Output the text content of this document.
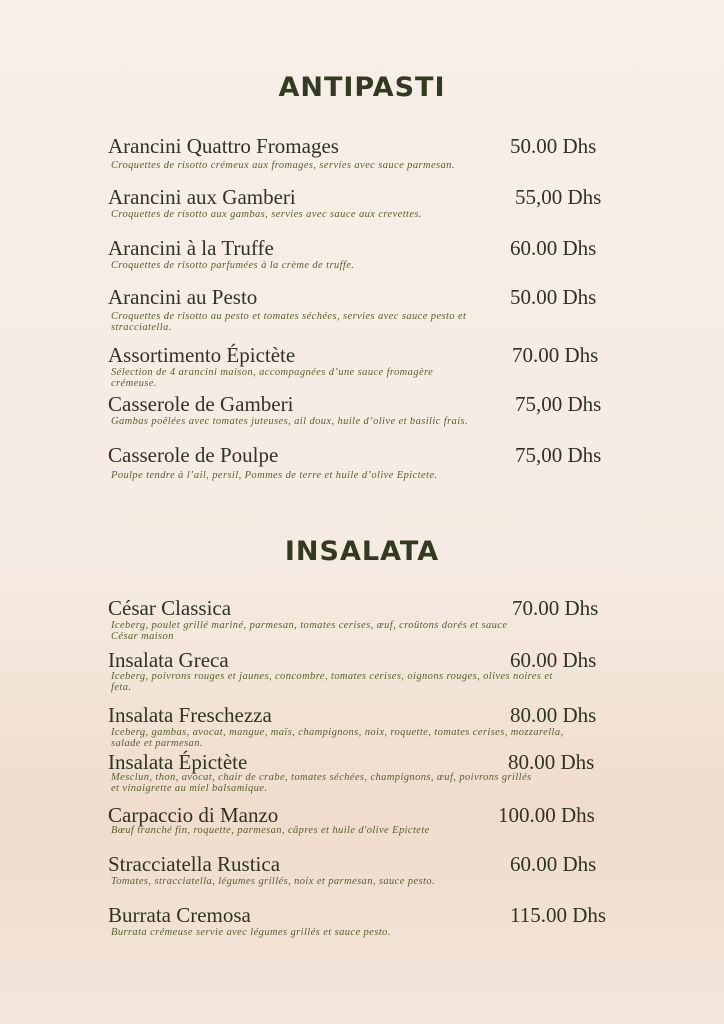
ANTIPASTI
Arancini Quattro Fromages	50.00 Dhs
Croquettes de risotto crémeux aux fromages, servies avec sauce parmesan.
Arancini aux Gamberi	55,00 Dhs
Croquettes de risotto aux gambas, servies avec sauce aux crevettes.
Arancini à la Truffe	60.00 Dhs
Croquettes de risotto parfumées à la crème de truffe.
Arancini au Pesto	50.00 Dhs
Croquettes de risotto au pesto et tomates séchées, servies avec sauce pesto et stracciatella.
Assortimento Épictète	70.00 Dhs
Sélection de 4 arancini maison, accompagnées d’une sauce fromagère crémeuse.
Casserole de Gamberi	75,00 Dhs
Gambas poêlées avec tomates juteuses, ail doux, huile d’olive et basilic frais.
Casserole de Poulpe	75,00 Dhs
Poulpe tendre à l’ail, persil, Pommes de terre et huile d’olive Epictete.
INSALATA
César Classica	70.00 Dhs
Iceberg, poulet grillé mariné, parmesan, tomates cerises, œuf, croûtons dorés et sauce César maison
Insalata Greca	60.00 Dhs
Iceberg, poivrons rouges et jaunes, concombre, tomates cerises, oignons rouges, olives noires et feta.
Insalata Freschezza	80.00 Dhs
Iceberg, gambas, avocat, mangue, maïs, champignons, noix, roquette, tomates cerises, mozzarella, salade et parmesan.
Insalata Épictète	80.00 Dhs
Mesclun, thon, avocat, chair de crabe, tomates séchées, champignons, œuf, poivrons grillés et vinaigrette au miel balsamique.
Carpaccio di Manzo	100.00 Dhs
Bœuf tranché fin, roquette, parmesan, câpres et huile d'olive Epictete
Stracciatella Rustica	60.00 Dhs
Tomates, stracciatella, légumes grillés, noix et parmesan, sauce pesto.
Burrata Cremosa	115.00 Dhs
Burrata crémeuse servie avec légumes grillés et sauce pesto.
